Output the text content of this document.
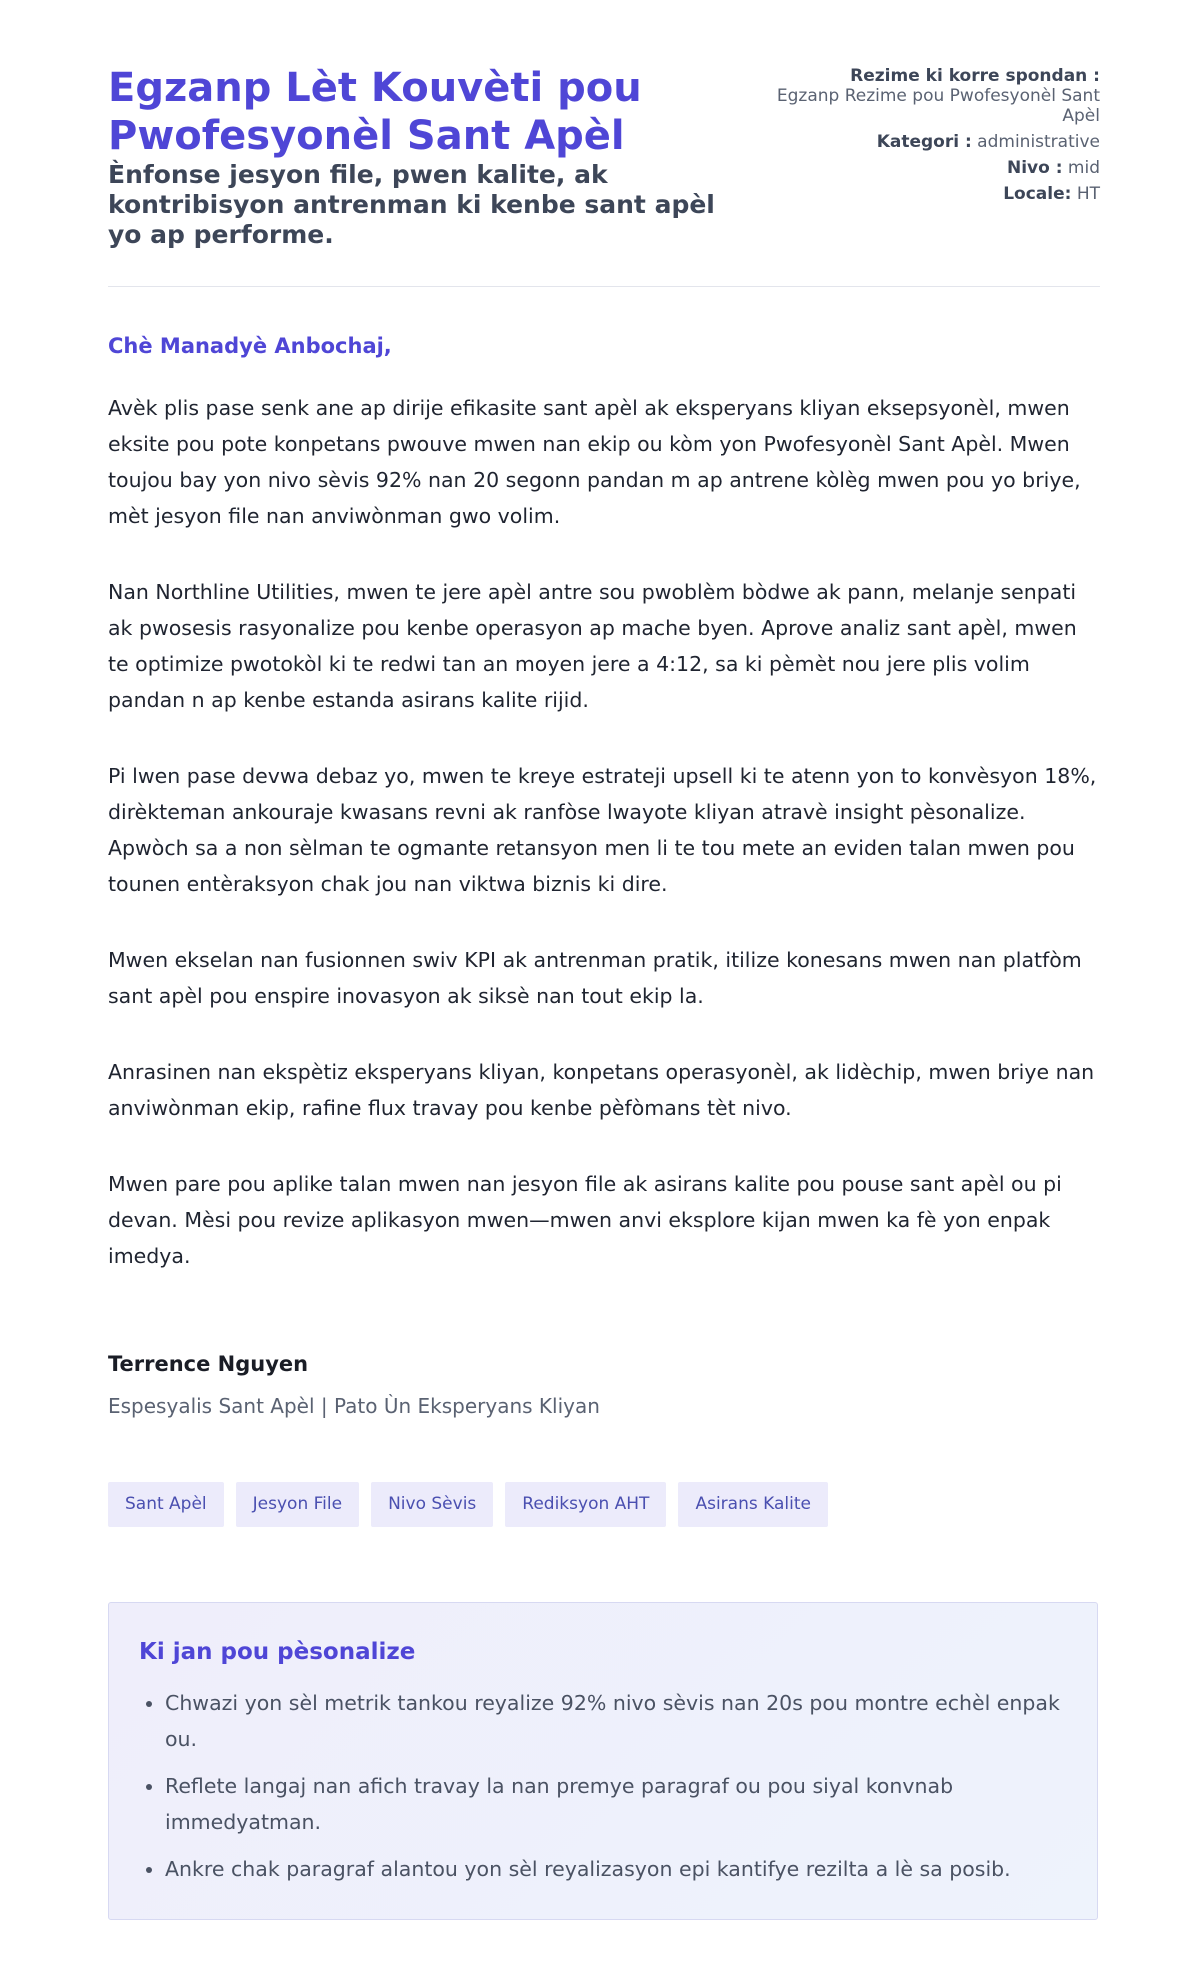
Egzanp Lèt Kouvèti pou Pwofesyonèl Sant Apèl
Ènfonse jesyon file, pwen kalite, ak kontribisyon antrenman ki kenbe sant apèl yo ap performe.
Rezime ki korre spondan :
Egzanp Rezime pou Pwofesyonèl Sant Apèl
Kategori : administrative
Nivo : mid
Locale: HT

Chè Manadyè Anbochaj,

Avèk plis pase senk ane ap dirije efikasite sant apèl ak eksperyans kliyan eksepsyonèl, mwen eksite pou pote konpetans pwouve mwen nan ekip ou kòm yon Pwofesyonèl Sant Apèl. Mwen toujou bay yon nivo sèvis 92% nan 20 segonn pandan m ap antrene kòlèg mwen pou yo briye, mèt jesyon file nan anviwònman gwo volim.

Nan Northline Utilities, mwen te jere apèl antre sou pwoblèm bòdwe ak pann, melanje senpati ak pwosesis rasyonalize pou kenbe operasyon ap mache byen. Aprove analiz sant apèl, mwen te optimize pwotokòl ki te redwi tan an moyen jere a 4:12, sa ki pèmèt nou jere plis volim pandan n ap kenbe estanda asirans kalite rijid.

Pi lwen pase devwa debaz yo, mwen te kreye estrateji upsell ki te atenn yon to konvèsyon 18%, dirèkteman ankouraje kwasans revni ak ranfòse lwayote kliyan atravè insight pèsonalize. Apwòch sa a non sèlman te ogmante retansyon men li te tou mete an eviden talan mwen pou tounen entèraksyon chak jou nan viktwa biznis ki dire.

Mwen ekselan nan fusionnen swiv KPI ak antrenman pratik, itilize konesans mwen nan platfòm sant apèl pou enspire inovasyon ak siksè nan tout ekip la.

Anrasinen nan ekspètiz eksperyans kliyan, konpetans operasyonèl, ak lidèchip, mwen briye nan anviwònman ekip, rafine flux travay pou kenbe pèfòmans tèt nivo.

Mwen pare pou aplike talan mwen nan jesyon file ak asirans kalite pou pouse sant apèl ou pi devan. Mèsi pou revize aplikasyon mwen—mwen anvi eksplore kijan mwen ka fè yon enpak imedya.

Terrence Nguyen

Espesyalis Sant Apèl | Pato Ùn Eksperyans Kliyan

Sant Apèl	Jesyon File	Nivo Sèvis	Rediksyon AHT	Asirans Kalite
Ki jan pou pèsonalize
• Chwazi yon sèl metrik tankou reyalize 92% nivo sèvis nan 20s pou montre echèl enpak ou.
• Reflete langaj nan afich travay la nan premye paragraf ou pou siyal konvnab immedyatman.
• Ankre chak paragraf alantou yon sèl reyalizasyon epi kantifye rezilta a lè sa posib.
